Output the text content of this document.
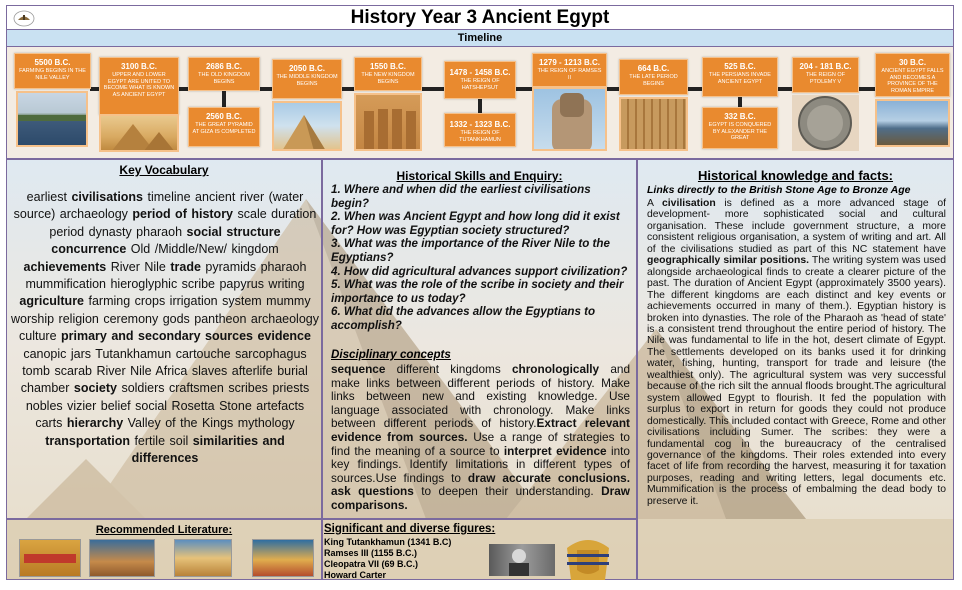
History Year 3 Ancient Egypt
Timeline
5500 B.C.
FARMING BEGINS IN THE NILE VALLEY
3100 B.C.
UPPER AND LOWER EGYPT ARE UNITED TO BECOME WHAT IS KNOWN AS ANCIENT EGYPT
2686 B.C.
THE OLD KINGDOM BEGINS
2560 B.C.
THE GREAT PYRAMID AT GIZA IS COMPLETED
2050 B.C.
THE MIDDLE KINGDOM BEGINS
1550 B.C.
THE NEW KINGDOM BEGINS
1478 - 1458 B.C.
THE REIGN OF HATSHEPSUT
1332 - 1323 B.C.
THE REIGN OF TUTANKHAMUN
1279 - 1213 B.C.
THE REIGN OF RAMSES II
664 B.C.
THE LATE PERIOD BEGINS
525 B.C.
THE PERSIANS INVADE ANCIENT EGYPT
332 B.C.
EGYPT IS CONQUERED BY ALEXANDER THE GREAT
204 - 181 B.C.
THE REIGN OF PTOLEMY V
30 B.C.
ANCIENT EGYPT FALLS AND BECOMES A PROVINCE OF THE ROMAN EMPIRE
Key Vocabulary
earliest civilisations timeline ancient river (water source) archaeology period of history scale duration period dynasty pharaoh social structure concurrence Old /Middle/New/ kingdom achievements River Nile trade pyramids pharaoh mummification hieroglyphic scribe papyrus writing agriculture farming crops irrigation system mummy worship religion ceremony gods pantheon archaeology culture primary and secondary sources evidence canopic jars Tutankhamun cartouche sarcophagus tomb scarab River Nile Africa slaves afterlife burial chamber society soldiers craftsmen scribes priests nobles vizier belief social Rosetta Stone artefacts carts hierarchy Valley of the Kings mythology transportation fertile soil similarities and differences
Historical Skills and Enquiry:

1. Where and when did the earliest civilisations begin?

2. When was Ancient Egypt and how long did it exist for? How was Egyptian society structured?

3. What was the importance of the River Nile to the Egyptians?

4. How did agricultural advances support civilization?

5. What was the role of the scribe in society and their importance to us today?

6. What did the advances allow the Egyptians to accomplish?

Disciplinary concepts
sequence different kingdoms chronologically and make links between different periods of history. Make links between new and existing knowledge. Use language associated with chronology. Make links between different periods of history.Extract relevant evidence from sources. Use a range of strategies to find the meaning of a source to interpret evidence into key findings. Identify limitations in different types of sources.Use findings to draw accurate conclusions. ask questions to deepen their understanding. Draw comparisons.
Historical knowledge and facts:
Links directly to the British Stone Age to Bronze Age
A civilisation is defined as a more advanced stage of development- more sophisticated social and cultural organisation. These include government structure, a more consistent religious organisation, a system of writing and art. All of the civilisations studied as part of this NC statement have geographically similar positions. The writing system was used alongside archaeological finds to create a clearer picture of the past. The duration of Ancient Egypt (approximately 3500 years). The different kingdoms are each distinct and key events or achievements occurred in many of them.). Egyptian history is broken into dynasties. The role of the Pharaoh as 'head of state' is a consistent trend throughout the entire period of history. The Nile was fundamental to life in the hot, desert climate of Egypt. The settlements developed on its banks used it for drinking water, fishing, hunting, transport for trade and leisure (the wealthiest only). The agricultural system was very successful because of the rich silt the annual floods brought.The agricultural system allowed Egypt to flourish. It fed the population with surplus to export in return for goods they could not produce domestically. This included contact with Greece, Rome and other civilisations including Sumer. The scribes: they were a fundamental cog in the bureaucracy of the centralised governance of the kingdoms. Their roles extended into every facet of life from recording the harvest, measuring it for taxation purposes, reading and writing letters, legal documents etc. Mummification is the process of embalming the dead body to preserve it.
Recommended Literature:	Significant and diverse figures:
King Tutankhamun (1341 B.C)
Ramses III (1155 B.C.)
Cleopatra VII (69 B.C.)
Howard Carter
